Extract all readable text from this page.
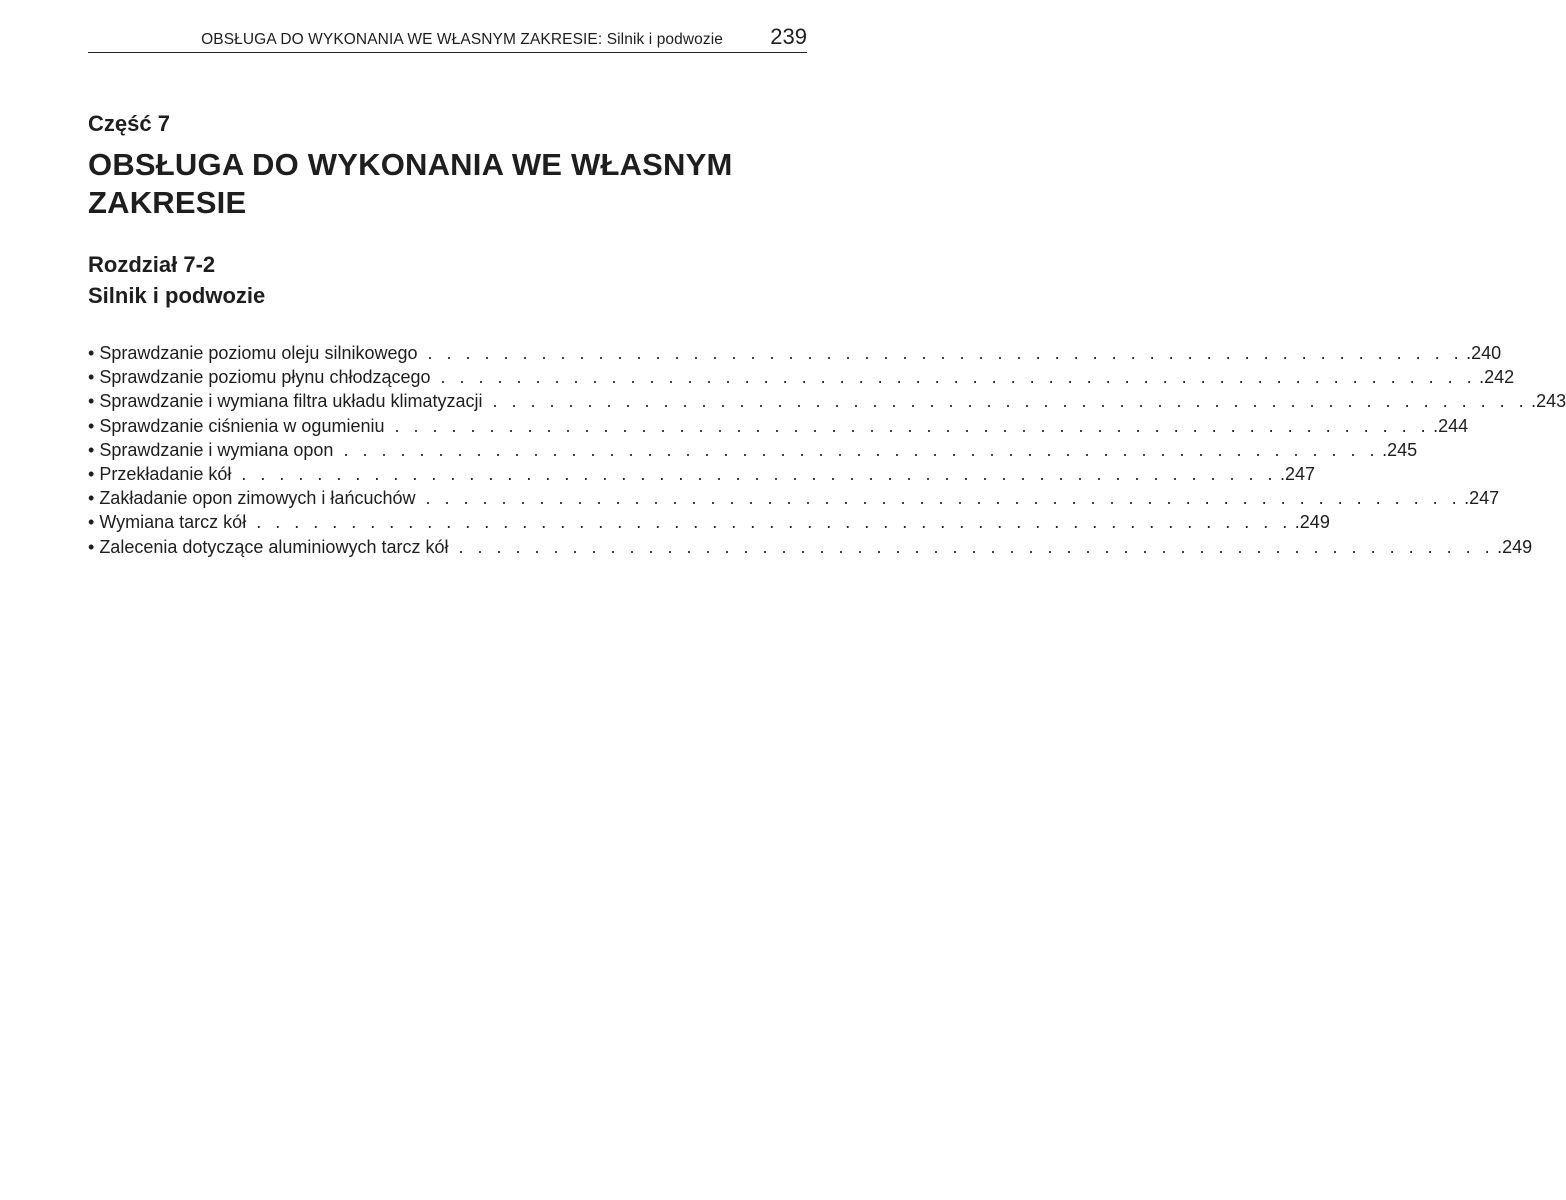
OBSŁUGA DO WYKONANIA WE WŁASNYM ZAKRESIE: Silnik i podwozie 239
Część 7
OBSŁUGA DO WYKONANIA WE WŁASNYM ZAKRESIE
Rozdział 7-2
Silnik i podwozie
• Sprawdzanie poziomu oleju silnikowego . . . . . . . . . . . . . . . . . . . . . . . . . . . . . . . . . . . . . . . . . . . . . . . . . . . . . . . .240
• Sprawdzanie poziomu płynu chłodzącego . . . . . . . . . . . . . . . . . . . . . . . . . . . . . . . . . . . . . . . . . . . . . . . . . . . . . . . .242
• Sprawdzanie i wymiana filtra układu klimatyzacji . . . . . . . . . . . . . . . . . . . . . . . . . . . . . . . . . . . . . . . . . . . . . . . . . . . . . . . .243
• Sprawdzanie ciśnienia w ogumieniu . . . . . . . . . . . . . . . . . . . . . . . . . . . . . . . . . . . . . . . . . . . . . . . . . . . . . . . .244
• Sprawdzanie i wymiana opon . . . . . . . . . . . . . . . . . . . . . . . . . . . . . . . . . . . . . . . . . . . . . . . . . . . . . . . .245
• Przekładanie kół . . . . . . . . . . . . . . . . . . . . . . . . . . . . . . . . . . . . . . . . . . . . . . . . . . . . . . . .247
• Zakładanie opon zimowych i łańcuchów . . . . . . . . . . . . . . . . . . . . . . . . . . . . . . . . . . . . . . . . . . . . . . . . . . . . . . . .247
• Wymiana tarcz kół . . . . . . . . . . . . . . . . . . . . . . . . . . . . . . . . . . . . . . . . . . . . . . . . . . . . . . . .249
• Zalecenia dotyczące aluminiowych tarcz kół . . . . . . . . . . . . . . . . . . . . . . . . . . . . . . . . . . . . . . . . . . . . . . . . . . . . . . . .249
